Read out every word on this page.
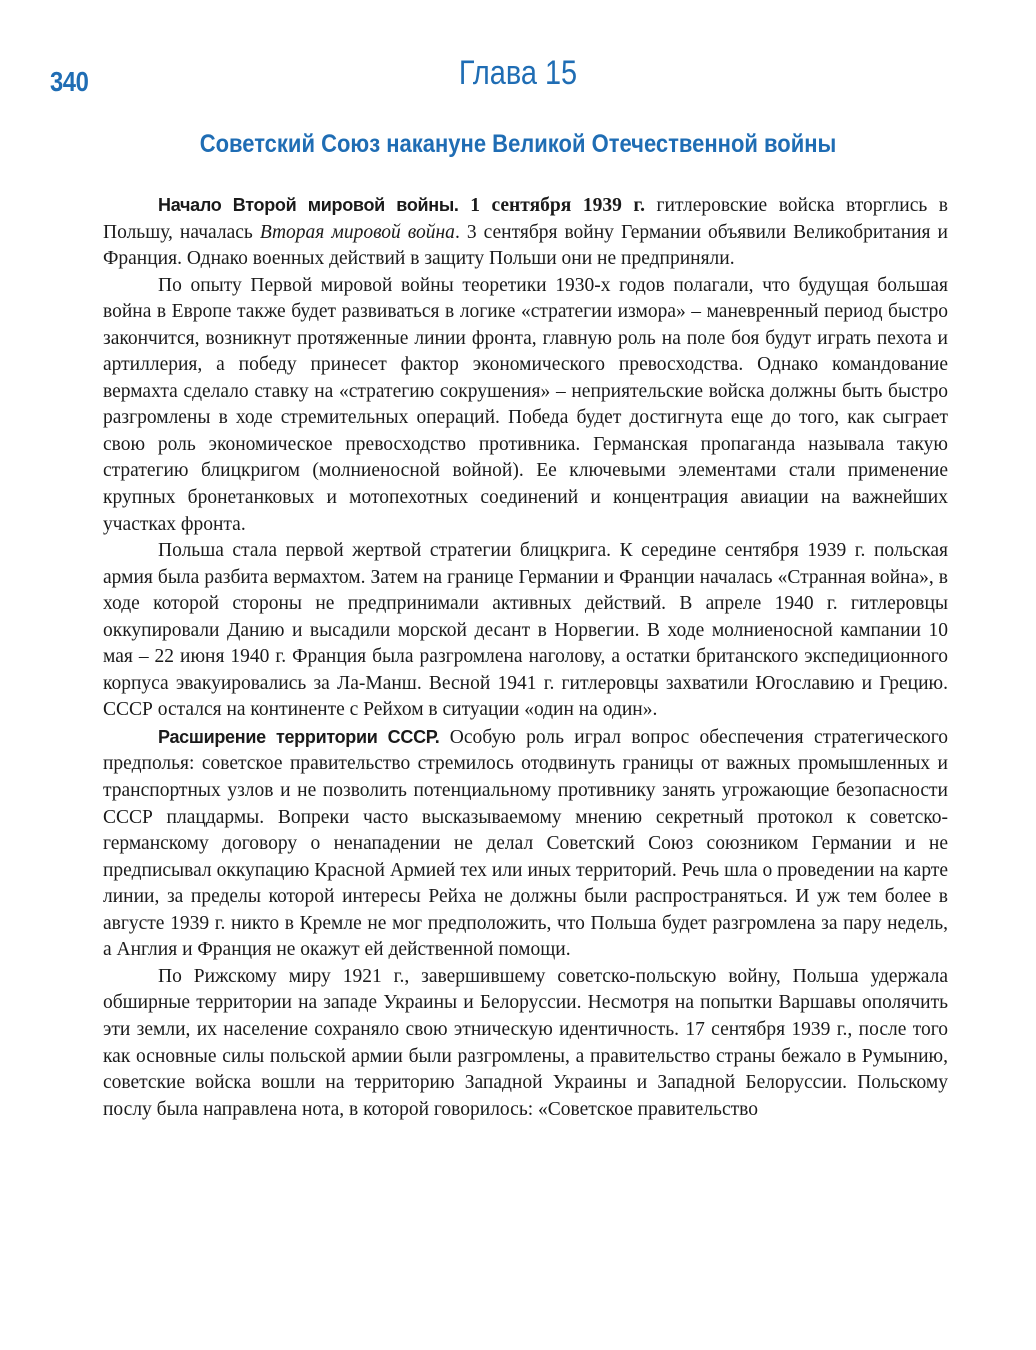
340	Глава 15
Советский Союз накануне Великой Отечественной войны

Начало Второй мировой войны. 1 сентября 1939 г. гитлеровские войска вторглись в Польшу, началась Вторая мировой война. 3 сентября войну Германии объявили Великобритания и Франция. Однако военных действий в защиту Польши они не предприняли.

По опыту Первой мировой войны теоретики 1930-х годов полагали, что будущая большая война в Европе также будет развиваться в логике «стратегии измора» – маневренный период быстро закончится, возникнут протяженные линии фронта, главную роль на поле боя будут играть пехота и артиллерия, а победу принесет фактор экономического превосходства. Однако командование вермахта сделало ставку на «стратегию сокрушения» – неприятельские войска должны быть быстро разгромлены в ходе стремительных операций. Победа будет достигнута еще до того, как сыграет свою роль экономическое превосходство противника. Германская пропаганда называла такую стратегию блицкригом (молниеносной войной). Ее ключевыми элементами стали применение крупных бронетанковых и мотопехотных соединений и концентрация авиации на важнейших участках фронта.

Польша стала первой жертвой стратегии блицкрига. К середине сентября 1939 г. польская армия была разбита вермахтом. Затем на границе Германии и Франции началась «Странная война», в ходе которой стороны не предпринимали активных действий. В апреле 1940 г. гитлеровцы оккупировали Данию и высадили морской десант в Норвегии. В ходе молниеносной кампании 10 мая – 22 июня 1940 г. Франция была разгромлена наголову, а остатки британского экспедиционного корпуса эвакуировались за Ла-Манш. Весной 1941 г. гитлеровцы захватили Югославию и Грецию. СССР остался на континенте с Рейхом в ситуации «один на один».

Расширение территории СССР. Особую роль играл вопрос обеспечения стратегического предполья: советское правительство стремилось отодвинуть границы от важных промышленных и транспортных узлов и не позволить потенциальному противнику занять угрожающие безопасности СССР плацдармы. Вопреки часто высказываемому мнению секретный протокол к советско-германскому договору о ненападении не делал Советский Союз союзником Германии и не предписывал оккупацию Красной Армией тех или иных территорий. Речь шла о проведении на карте линии, за пределы которой интересы Рейха не должны были распространяться. И уж тем более в августе 1939 г. никто в Кремле не мог предположить, что Польша будет разгромлена за пару недель, а Англия и Франция не окажут ей действенной помощи.

По Рижскому миру 1921 г., завершившему советско-польскую войну, Польша удержала обширные территории на западе Украины и Белоруссии. Несмотря на попытки Варшавы ополячить эти земли, их население сохраняло свою этническую идентичность. 17 сентября 1939 г., после того как основные силы польской армии были разгромлены, а правительство страны бежало в Румынию, советские войска вошли на территорию Западной Украины и Западной Белоруссии. Польскому послу была направлена нота, в которой говорилось: «Советское правительство
